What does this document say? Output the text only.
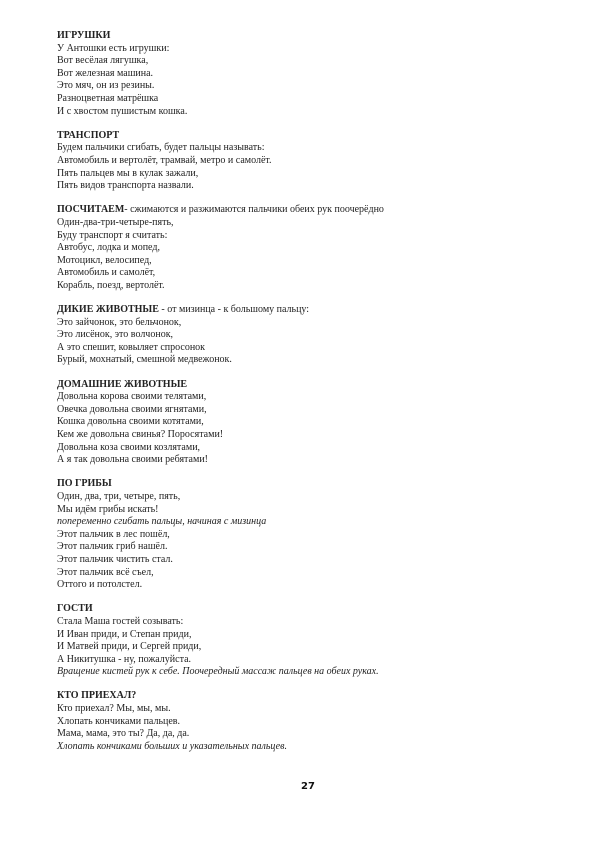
ИГРУШКИ
У Антошки есть игрушки:
Вот весёлая лягушка,
Вот железная машина.
Это мяч, он из резины.
Разноцветная матрёшка
И с хвостом пушистым кошка.
ТРАНСПОРТ
Будем пальчики сгибать, будет пальцы называть:
Автомобиль и вертолёт, трамвай, метро и самолёт.
Пять пальцев мы в кулак зажали,
Пять видов транспорта назвали.
ПОСЧИТАЕМ- сжимаются и разжимаются пальчики обеих рук поочерёдно
Один-два-три-четыре-пять,
Буду транспорт я считать:
Автобус, лодка и мопед,
Мотоцикл, велосипед,
Автомобиль и самолёт,
Корабль, поезд, вертолёт.
ДИКИЕ ЖИВОТНЫЕ - от мизинца - к большому пальцу:
Это зайчонок, это бельчонок,
Это лисёнок, это волчонок,
А это спешит, ковыляет спросонок
Бурый, мохнатый, смешной медвежонок.
ДОМАШНИЕ ЖИВОТНЫЕ
Довольна корова своими телятами,
Овечка довольна своими ягнятами,
Кошка довольна своими котятами,
Кем же довольна свинья? Поросятами!
Довольна коза своими козлятами,
А я так довольна своими ребятами!
ПО ГРИБЫ
Один, два, три, четыре, пять,
Мы идём грибы искать!
попеременно сгибать пальцы, начиная с мизинца
Этот пальчик в лес пошёл,
Этот пальчик гриб нашёл.
Этот пальчик чистить стал.
Этот пальчик всё съел,
Оттого и потолстел.
ГОСТИ
Стала Маша гостей созывать:
И Иван приди, и Степан приди,
И Матвей приди, и Сергей приди,
А Никитушка - ну, пожалуйста.
Вращение кистей рук к себе. Поочередный массаж пальцев на обеих руках.
КТО ПРИЕХАЛ?
Кто приехал? Мы, мы, мы.
Хлопать кончиками пальцев.
Мама, мама, это ты? Да, да, да.
Хлопать кончиками больших и указательных пальцев.
27
